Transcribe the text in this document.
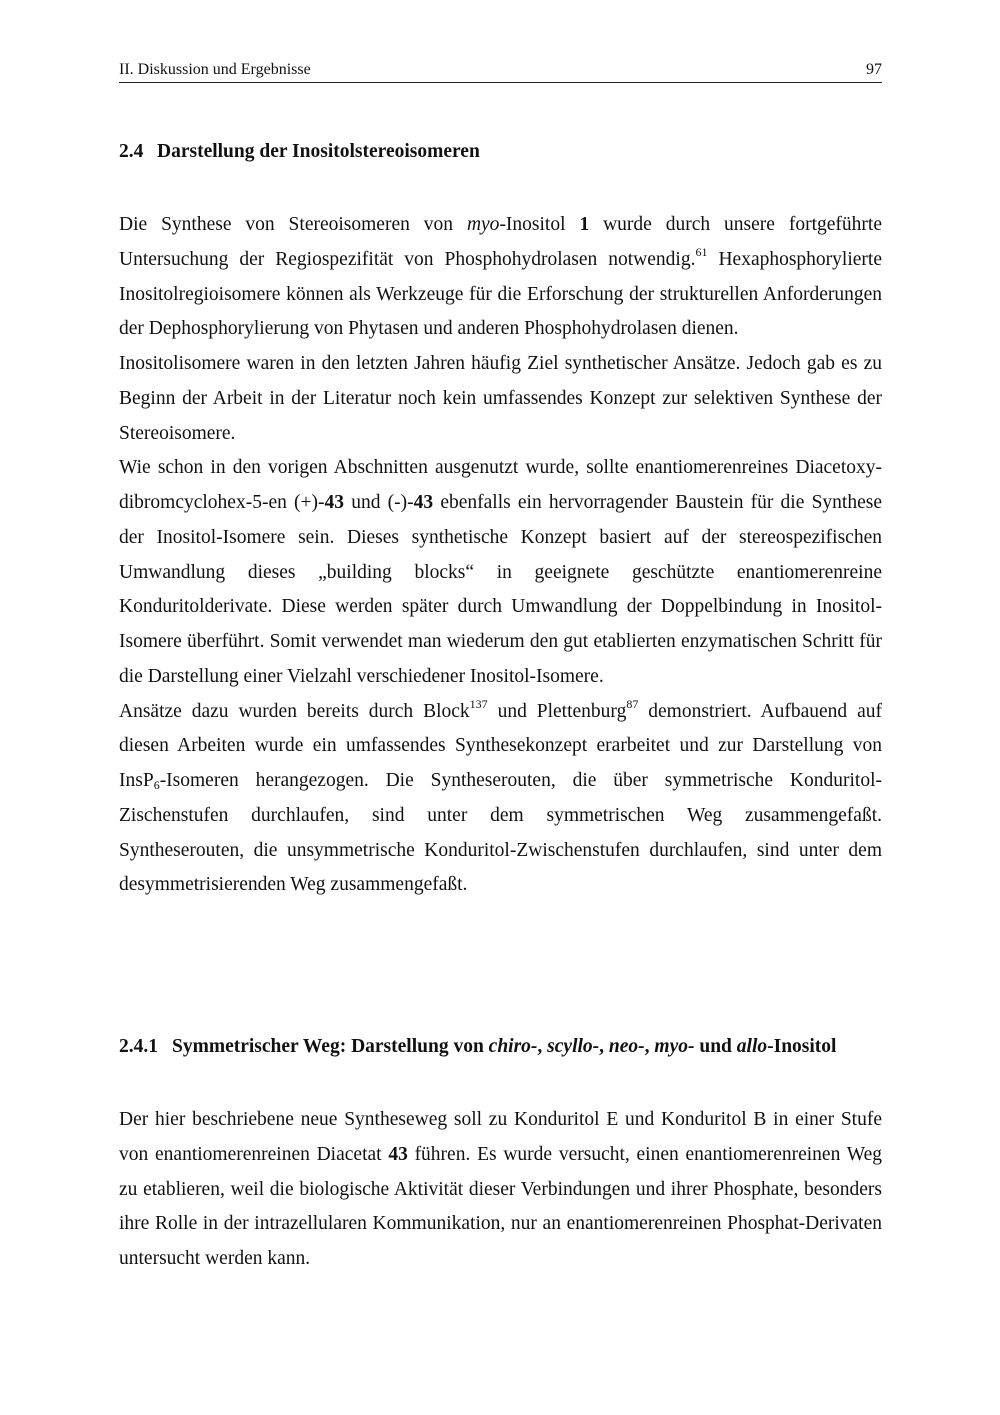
II. Diskussion und Ergebnisse	97
2.4 Darstellung der Inositolstereoisomeren

Die Synthese von Stereoisomeren von myo-Inositol 1 wurde durch unsere fortgeführte Untersuchung der Regiospezifität von Phosphohydrolasen notwendig.$^{61}$ Hexaphosphorylierte Inositolregioisomere können als Werkzeuge für die Erforschung der strukturellen Anforderungen der Dephosphorylierung von Phytasen und anderen Phosphohydrolasen dienen.

Inositolisomere waren in den letzten Jahren häufig Ziel synthetischer Ansätze. Jedoch gab es zu Beginn der Arbeit in der Literatur noch kein umfassendes Konzept zur selektiven Synthese der Stereoisomere.

Wie schon in den vorigen Abschnitten ausgenutzt wurde, sollte enantiomerenreines Diacetoxy-dibromcyclohex-5-en (+)-43 und (-)-43 ebenfalls ein hervorragender Baustein für die Synthese der Inositol-Isomere sein. Dieses synthetische Konzept basiert auf der stereospezifischen Umwandlung dieses „building blocks“ in geeignete geschützte enantiomerenreine Konduritolderivate. Diese werden später durch Umwandlung der Doppelbindung in Inositol-Isomere überführt. Somit verwendet man wiederum den gut etablierten enzymatischen Schritt für die Darstellung einer Vielzahl verschiedener Inositol-Isomere.

Ansätze dazu wurden bereits durch Block$^{137}$ und Plettenburg$^{87}$ demonstriert. Aufbauend auf diesen Arbeiten wurde ein umfassendes Synthesekonzept erarbeitet und zur Darstellung von InsP$_6$-Isomeren herangezogen. Die Syntheserouten, die über symmetrische Konduritol-Zischenstufen durchlaufen, sind unter dem symmetrischen Weg zusammengefaßt. Syntheserouten, die unsymmetrische Konduritol-Zwischenstufen durchlaufen, sind unter dem desymmetrisierenden Weg zusammengefaßt.

2.4.1 Symmetrischer Weg: Darstellung von chiro-, scyllo-, neo-, myo- und allo-Inositol

Der hier beschriebene neue Syntheseweg soll zu Konduritol E und Konduritol B in einer Stufe von enantiomerenreinen Diacetat 43 führen. Es wurde versucht, einen enantiomerenreinen Weg zu etablieren, weil die biologische Aktivität dieser Verbindungen und ihrer Phosphate, besonders ihre Rolle in der intrazellularen Kommunikation, nur an enantiomerenreinen Phosphat-Derivaten untersucht werden kann.
